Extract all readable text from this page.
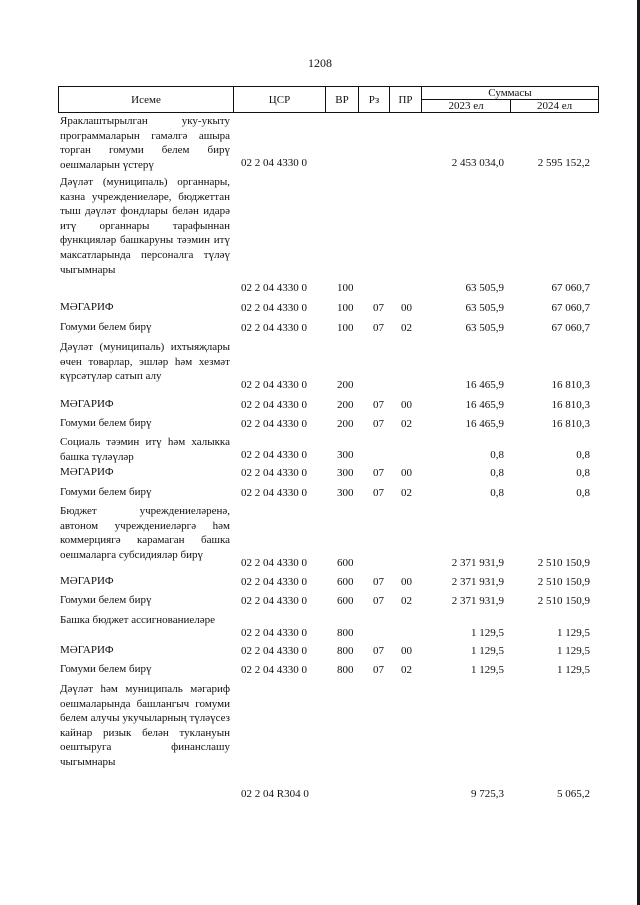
1208
Исеме	ЦСР	ВР	Рз	ПР
Суммасы
2023 ел	2024 ел
Яраклаштырылган уку-укыту программаларын гамәлгә ашыра торган гомуми белем бирү оешмаларын үстерү	02 2 04 4330 0	2 453 034,0	2 595 152,2
Дәүләт (муниципаль) органнары, казна учреждениеләре, бюджеттан тыш дәүләт фондлары белән идарә итү органнары тарафыннан функцияләр башкаруны тәэмин итү максатларында персоналга түләү чыгымнары
02 2 04 4330 0	100	63 505,9	67 060,7
МӘГАРИФ	02 2 04 4330 0	100 07 00	63 505,9	67 060,7
Гомуми белем бирү	02 2 04 4330 0	100 07 02	63 505,9	67 060,7
Дәүләт (муниципаль) ихтыяҗлары өчен товарлар, эшләр һәм хезмәт күрсәтүләр сатып алу
02 2 04 4330 0	200	16 465,9	16 810,3
МӘГАРИФ	02 2 04 4330 0	200 07 00	16 465,9	16 810,3
Гомуми белем бирү	02 2 04 4330 0	200 07 02	16 465,9	16 810,3
Социаль тәэмин итү һәм халыкка башка түләүләр	02 2 04 4330 0	300	0,8	0,8
МӘГАРИФ	02 2 04 4330 0	300 07 00	0,8	0,8
Гомуми белем бирү	02 2 04 4330 0	300 07 02	0,8	0,8
Бюджет учреждениеләренә, автоном учреждениеләргә һәм коммерциягә карамаган башка оешмаларга субсидияләр бирү
02 2 04 4330 0	600	2 371 931,9	2 510 150,9
МӘГАРИФ	02 2 04 4330 0	600 07 00	2 371 931,9	2 510 150,9
Гомуми белем бирү	02 2 04 4330 0	600 07 02	2 371 931,9	2 510 150,9
Башка бюджет ассигнованиеләре
02 2 04 4330 0	800	1 129,5	1 129,5
МӘГАРИФ	02 2 04 4330 0	800 07 00	1 129,5	1 129,5
Гомуми белем бирү	02 2 04 4330 0	800 07 02	1 129,5	1 129,5
Дәүләт һәм муниципаль мәгариф оешмаларында башлангыч гомуми белем алучы укучыларның түләүсез кайнар ризык белән туклануын оештыруга финанслашу чыгымнары
02 2 04 R304 0	9 725,3	5 065,2
